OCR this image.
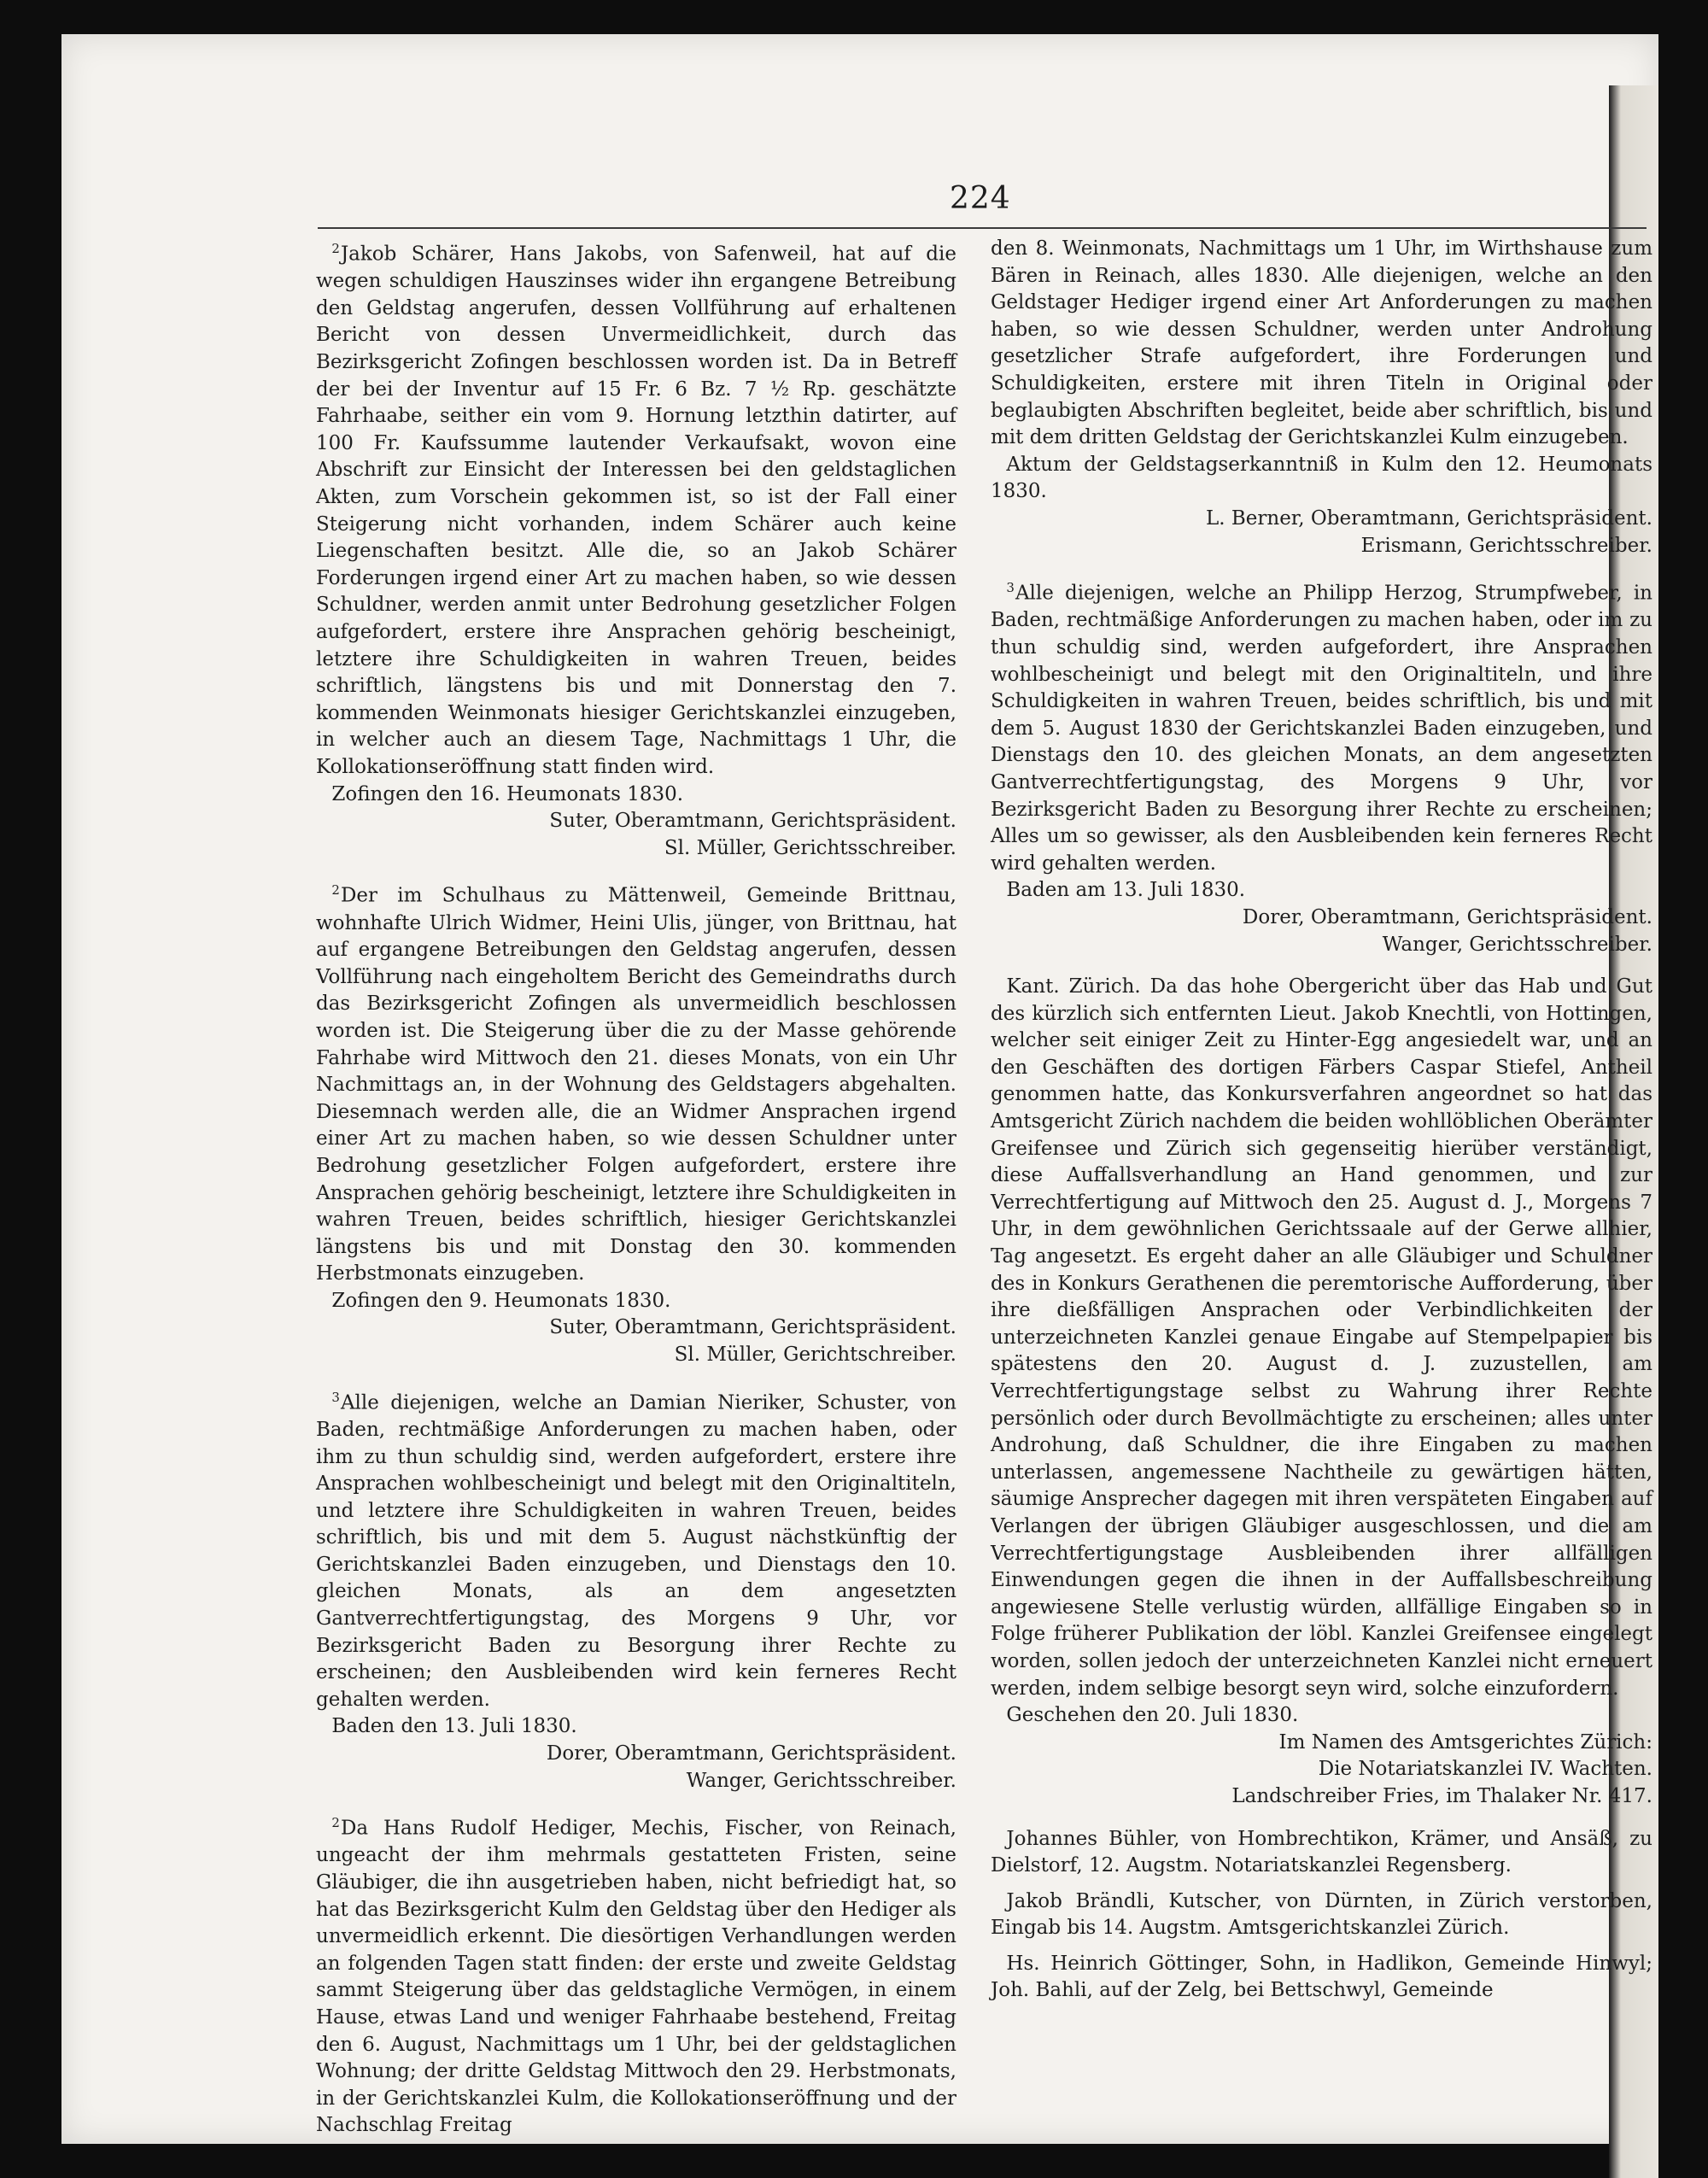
224

$^2$Jakob Schärer, Hans Jakobs, von Safenweil, hat auf die wegen schuldigen Hauszinses wider ihn ergangene Betreibung den Geldstag angerufen, dessen Vollführung auf erhaltenen Bericht von dessen Unvermeidlichkeit, durch das Bezirksgericht Zofingen beschlossen worden ist. Da in Betreff der bei der Inventur auf 15 Fr. 6 Bz. 7 ½ Rp. geschätzte Fahrhaabe, seither ein vom 9. Hornung letzthin datirter, auf 100 Fr. Kaufssumme lautender Verkaufsakt, wovon eine Abschrift zur Einsicht der Interessen bei den geldstaglichen Akten, zum Vorschein gekommen ist, so ist der Fall einer Steigerung nicht vorhanden, indem Schärer auch keine Liegenschaften besitzt. Alle die, so an Jakob Schärer Forderungen irgend einer Art zu machen haben, so wie dessen Schuldner, werden anmit unter Bedrohung gesetzlicher Folgen aufgefordert, erstere ihre Ansprachen gehörig bescheinigt, letztere ihre Schuldigkeiten in wahren Treuen, beides schriftlich, längstens bis und mit Donnerstag den 7. kommenden Weinmonats hiesiger Gerichtskanzlei einzugeben, in welcher auch an diesem Tage, Nachmittags 1 Uhr, die Kollokationseröffnung statt finden wird.

Zofingen den 16. Heumonats 1830.

Suter, Oberamtmann, Gerichtspräsident.

Sl. Müller, Gerichtsschreiber.

$^2$Der im Schulhaus zu Mättenweil, Gemeinde Brittnau, wohnhafte Ulrich Widmer, Heini Ulis, jünger, von Brittnau, hat auf ergangene Betreibungen den Geldstag angerufen, dessen Vollführung nach eingeholtem Bericht des Gemeindraths durch das Bezirksgericht Zofingen als unvermeidlich beschlossen worden ist. Die Steigerung über die zu der Masse gehörende Fahrhabe wird Mittwoch den 21. dieses Monats, von ein Uhr Nachmittags an, in der Wohnung des Geldstagers abgehalten. Diesemnach werden alle, die an Widmer Ansprachen irgend einer Art zu machen haben, so wie dessen Schuldner unter Bedrohung gesetzlicher Folgen aufgefordert, erstere ihre Ansprachen gehörig bescheinigt, letztere ihre Schuldigkeiten in wahren Treuen, beides schriftlich, hiesiger Gerichtskanzlei längstens bis und mit Donstag den 30. kommenden Herbstmonats einzugeben.

Zofingen den 9. Heumonats 1830.

Suter, Oberamtmann, Gerichtspräsident.

Sl. Müller, Gerichtschreiber.

$^3$Alle diejenigen, welche an Damian Nieriker, Schuster, von Baden, rechtmäßige Anforderungen zu machen haben, oder ihm zu thun schuldig sind, werden aufgefordert, erstere ihre Ansprachen wohlbescheinigt und belegt mit den Originaltiteln, und letztere ihre Schuldigkeiten in wahren Treuen, beides schriftlich, bis und mit dem 5. August nächstkünftig der Gerichtskanzlei Baden einzugeben, und Dienstags den 10. gleichen Monats, als an dem angesetzten Gantverrechtfertigungstag, des Morgens 9 Uhr, vor Bezirksgericht Baden zu Besorgung ihrer Rechte zu erscheinen; den Ausbleibenden wird kein ferneres Recht gehalten werden.

Baden den 13. Juli 1830.

Dorer, Oberamtmann, Gerichtspräsident.

Wanger, Gerichtsschreiber.

$^2$Da Hans Rudolf Hediger, Mechis, Fischer, von Reinach, ungeacht der ihm mehrmals gestatteten Fristen, seine Gläubiger, die ihn ausgetrieben haben, nicht befriedigt hat, so hat das Bezirksgericht Kulm den Geldstag über den Hediger als unvermeidlich erkennt. Die diesörtigen Verhandlungen werden an folgenden Tagen statt finden: der erste und zweite Geldstag sammt Steigerung über das geldstagliche Vermögen, in einem Hause, etwas Land und weniger Fahrhaabe bestehend, Freitag den 6. August, Nachmittags um 1 Uhr, bei der geldstaglichen Wohnung; der dritte Geldstag Mittwoch den 29. Herbstmonats, in der Gerichtskanzlei Kulm, die Kollokationseröffnung und der Nachschlag Freitag

den 8. Weinmonats, Nachmittags um 1 Uhr, im Wirthshause zum Bären in Reinach, alles 1830. Alle diejenigen, welche an den Geldstager Hediger irgend einer Art Anforderungen zu machen haben, so wie dessen Schuldner, werden unter Androhung gesetzlicher Strafe aufgefordert, ihre Forderungen und Schuldigkeiten, erstere mit ihren Titeln in Original oder beglaubigten Abschriften begleitet, beide aber schriftlich, bis und mit dem dritten Geldstag der Gerichtskanzlei Kulm einzugeben.

Aktum der Geldstagserkanntniß in Kulm den 12. Heumonats 1830.

L. Berner, Oberamtmann, Gerichtspräsident.

Erismann, Gerichtsschreiber.

$^3$Alle diejenigen, welche an Philipp Herzog, Strumpfweber, in Baden, rechtmäßige Anforderungen zu machen haben, oder im zu thun schuldig sind, werden aufgefordert, ihre Ansprachen wohlbescheinigt und belegt mit den Originaltiteln, und ihre Schuldigkeiten in wahren Treuen, beides schriftlich, bis und mit dem 5. August 1830 der Gerichtskanzlei Baden einzugeben, und Dienstags den 10. des gleichen Monats, an dem angesetzten Gantverrechtfertigungstag, des Morgens 9 Uhr, vor Bezirksgericht Baden zu Besorgung ihrer Rechte zu erscheinen; Alles um so gewisser, als den Ausbleibenden kein ferneres Recht wird gehalten werden.

Baden am 13. Juli 1830.

Dorer, Oberamtmann, Gerichtspräsident.

Wanger, Gerichtsschreiber.

Kant. Zürich. Da das hohe Obergericht über das Hab und Gut des kürzlich sich entfernten Lieut. Jakob Knechtli, von Hottingen, welcher seit einiger Zeit zu Hinter-Egg angesiedelt war, und an den Geschäften des dortigen Färbers Caspar Stiefel, Antheil genommen hatte, das Konkursverfahren angeordnet so hat das Amtsgericht Zürich nachdem die beiden wohllöblichen Oberämter Greifensee und Zürich sich gegenseitig hierüber verständigt, diese Auffallsverhandlung an Hand genommen, und zur Verrechtfertigung auf Mittwoch den 25. August d. J., Morgens 7 Uhr, in dem gewöhnlichen Gerichtssaale auf der Gerwe allhier, Tag angesetzt. Es ergeht daher an alle Gläubiger und Schuldner des in Konkurs Gerathenen die peremtorische Aufforderung, über ihre dießfälligen Ansprachen oder Verbindlichkeiten der unterzeichneten Kanzlei genaue Eingabe auf Stempelpapier bis spätestens den 20. August d. J. zuzustellen, am Verrechtfertigungstage selbst zu Wahrung ihrer Rechte persönlich oder durch Bevollmächtigte zu erscheinen; alles unter Androhung, daß Schuldner, die ihre Eingaben zu machen unterlassen, angemessene Nachtheile zu gewärtigen hätten, säumige Ansprecher dagegen mit ihren verspäteten Eingaben auf Verlangen der übrigen Gläubiger ausgeschlossen, und die am Verrechtfertigungstage Ausbleibenden ihrer allfälligen Einwendungen gegen die ihnen in der Auffallsbeschreibung angewiesene Stelle verlustig würden, allfällige Eingaben so in Folge früherer Publikation der löbl. Kanzlei Greifensee eingelegt worden, sollen jedoch der unterzeichneten Kanzlei nicht erneuert werden, indem selbige besorgt seyn wird, solche einzufordern.

Geschehen den 20. Juli 1830.

Im Namen des Amtsgerichtes Zürich:

Die Notariatskanzlei IV. Wachten.

Landschreiber Fries, im Thalaker Nr. 417.

Johannes Bühler, von Hombrechtikon, Krämer, und Ansäß, zu Dielstorf, 12. Augstm. Notariatskanzlei Regensberg.

Jakob Brändli, Kutscher, von Dürnten, in Zürich verstorben, Eingab bis 14. Augstm. Amtsgerichtskanzlei Zürich.

Hs. Heinrich Göttinger, Sohn, in Hadlikon, Gemeinde Hinwyl; Joh. Bahli, auf der Zelg, bei Bettschwyl, Gemeinde
